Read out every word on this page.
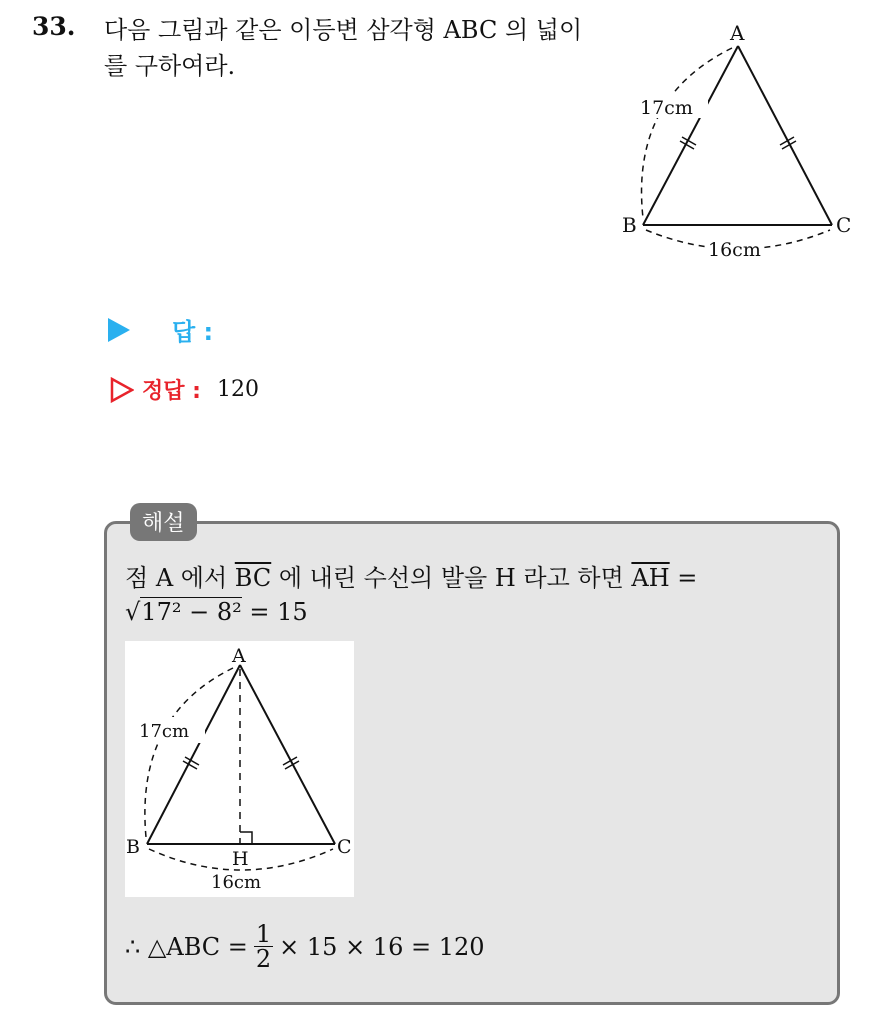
33. 다음 그림과 같은 이등변 삼각형 ABC 의 넓이를 구하여라.
A
B	C
17cm
16cm
답 :
정답 : 120
해설
점 A 에서 $\overline{BC}$ 에 내린 수선의 발을 H 라고 하면 $\overline{AH}$ =
√17² − 8² = 15
A
B	C
H
17cm
16cm
∴ △ABC = $\frac{1}{2} \times 15 \times 16 = 120$
